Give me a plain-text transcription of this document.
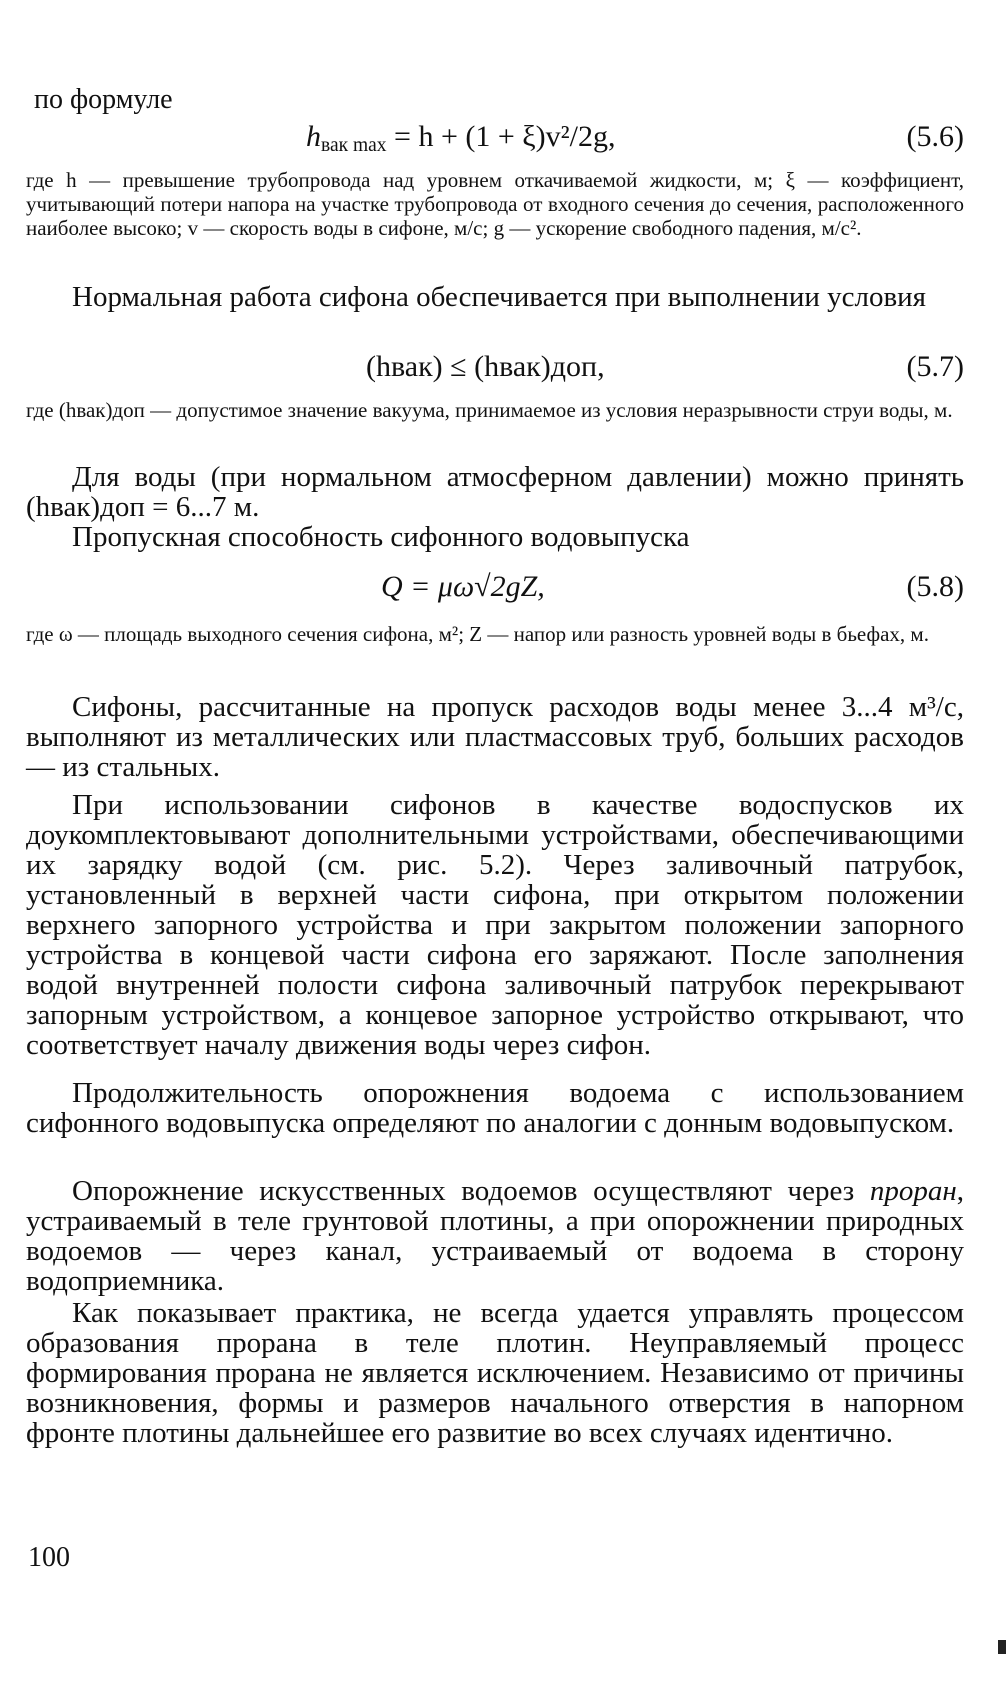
по формуле

$h_{вак max} = h + (1 + \xi)v^2/2g$,	(5.6)

где h — превышение трубопровода над уровнем откачиваемой жидкости, м; ξ — коэффициент, учитывающий потери напора на участке трубопровода от входного сечения до сечения, расположенного наиболее высоко; v — скорость воды в сифоне, м/с; g — ускорение свободного падения, м/с².

Нормальная работа сифона обеспечивается при выполнении условия

(hвак) ≤ (hвак)доп,	(5.7)

где (hвак)доп — допустимое значение вакуума, принимаемое из условия неразрывности струи воды, м.

Для воды (при нормальном атмосферном давлении) можно принять (hвак)доп = 6...7 м.

Пропускная способность сифонного водовыпуска

Q = μω√2gZ,	(5.8)

где ω — площадь выходного сечения сифона, м²; Z — напор или разность уровней воды в бьефах, м.

Сифоны, рассчитанные на пропуск расходов воды менее 3...4 м³/с, выполняют из металлических или пластмассовых труб, больших расходов — из стальных.

При использовании сифонов в качестве водоспусков их доукомплектовывают дополнительными устройствами, обеспечивающими их зарядку водой (см. рис. 5.2). Через заливочный патрубок, установленный в верхней части сифона, при открытом положении верхнего запорного устройства и при закрытом положении запорного устройства в концевой части сифона его заряжают. После заполнения водой внутренней полости сифона заливочный патрубок перекрывают запорным устройством, а концевое запорное устройство открывают, что соответствует началу движения воды через сифон.

Продолжительность опорожнения водоема с использованием сифонного водовыпуска определяют по аналогии с донным водовыпуском.

Опорожнение искусственных водоемов осуществляют через прoран, устраиваемый в теле грунтовой плотины, а при опорожнении природных водоемов — через канал, устраиваемый от водоема в сторону водоприемника.

Как показывает практика, не всегда удается управлять процессом образования прорана в теле плотин. Неуправляемый процесс формирования прорана не является исключением. Независимо от причины возникновения, формы и размеров начального отверстия в напорном фронте плотины дальнейшее его развитие во всех случаях идентично.

100
